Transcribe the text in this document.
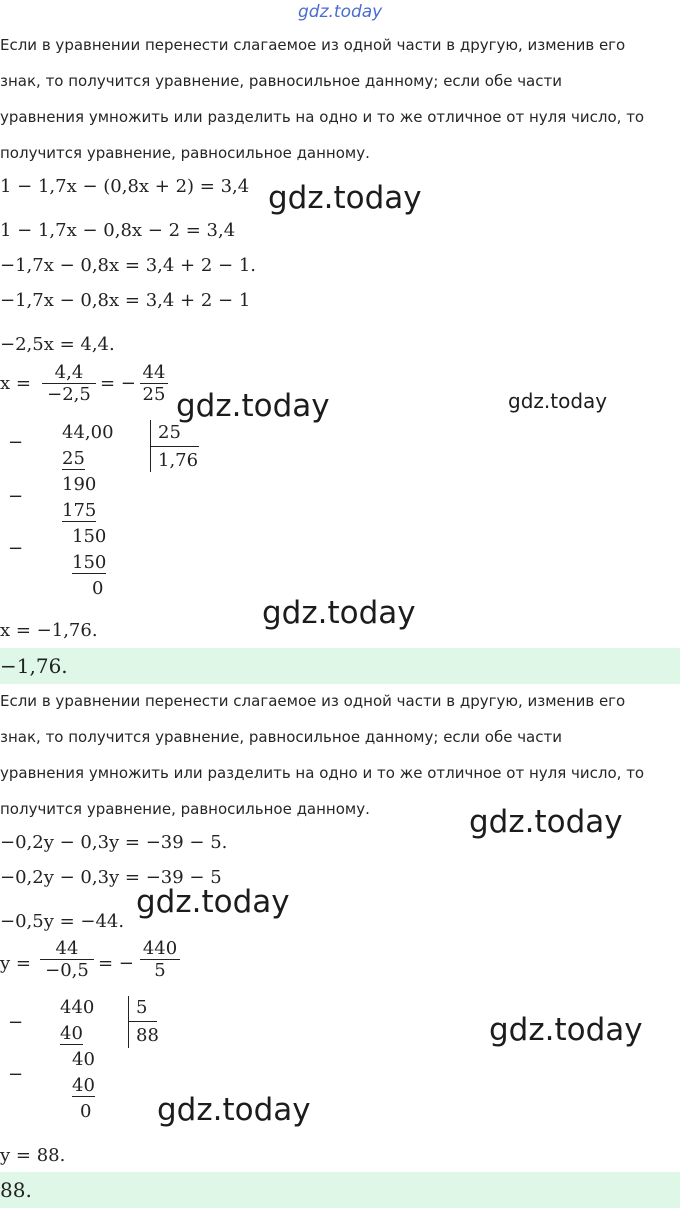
gdz.today
Если в уравнении перенести слагаемое из одной части в другую, изменив его
знак, то получится уравнение, равносильное данному; если обе части
уравнения умножить или разделить на одно и то же отличное от нуля число, то
получится уравнение, равносильное данному.
1 − 1,7x − (0,8x + 2) = 3,4 gdz.today
1 − 1,7x − 0,8x − 2 = 3,4
−1,7x − 0,8x = 3,4 + 2 − 1.
−1,7x − 0,8x = 3,4 + 2 − 1
−2,5x = 4,4.
$x = \frac{4,4}{-2,5}$ = − $\frac{44}{25}$
gdz.today	gdz.today
− 44,00 25
1,76
25
−
190
175
−
150
150
0
gdz.today
x = −1,76.
−1,76.
Если в уравнении перенести слагаемое из одной части в другую, изменив его
знак, то получится уравнение, равносильное данному; если обе части
уравнения умножить или разделить на одно и то же отличное от нуля число, то
получится уравнение, равносильное данному.	gdz.today
−0,2y − 0,3y = −39 − 5.
−0,2y − 0,3y = −39 − 5
gdz.today
−0,5y = −44.
$y = \frac{44}{-0,5}$ = − $\frac{440}{5}$
−
440 5
88
40
−
40
40
0
gdz.today
gdz.today
y = 88.
88.
